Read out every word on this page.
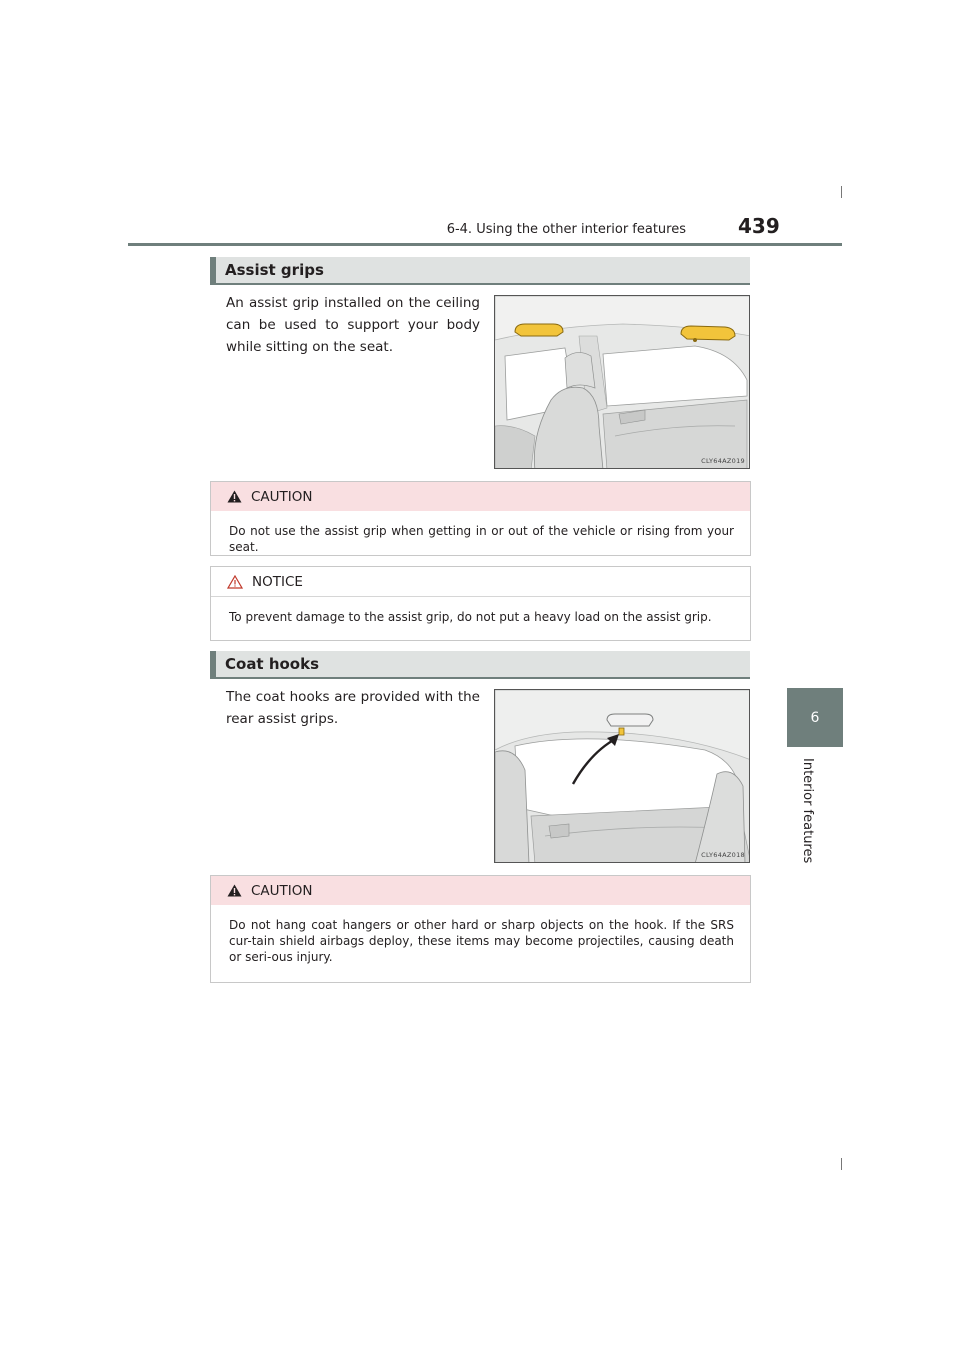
6-4. Using the other interior features	439
6
Interior features
Assist grips
An assist grip installed on the ceiling can be used to support your body while sitting on the seat.
CLY64AZ019
CAUTION
Do not use the assist grip when getting in or out of the vehicle or rising from your seat.
NOTICE
To prevent damage to the assist grip, do not put a heavy load on the assist grip.
Coat hooks
The coat hooks are provided with the rear assist grips.
CLY64AZ018
CAUTION
Do not hang coat hangers or other hard or sharp objects on the hook. If the SRS cur-tain shield airbags deploy, these items may become projectiles, causing death or seri-ous injury.
